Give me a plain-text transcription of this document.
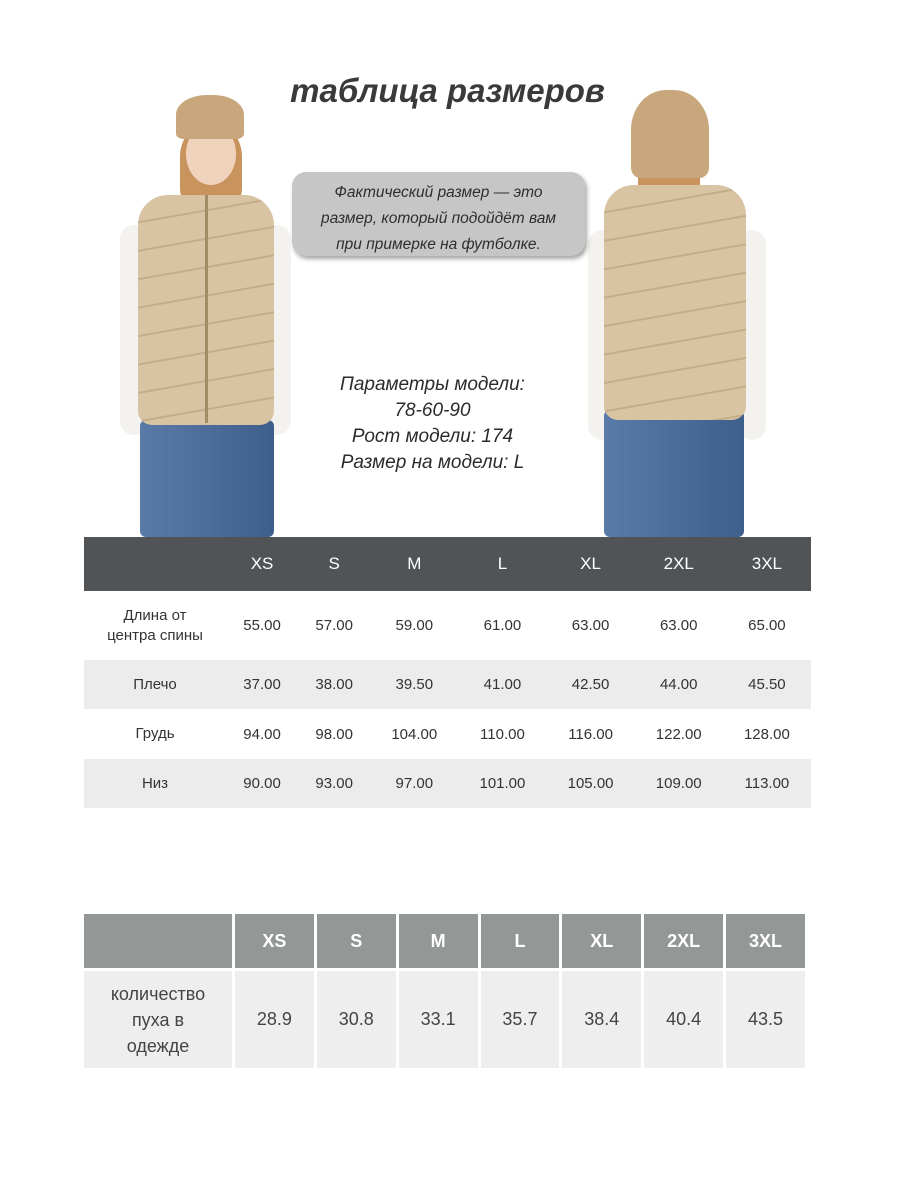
таблица размеров
Фактический размер — это
размер, который подойдёт вам
при примерке на футболке.
Параметры модели:
78-60-90
Рост модели: 174
Размер на модели: L
	XS	S	M	L	XL	2XL	3XL

Длина от
центра спины	55.00	57.00	59.00	61.00	63.00	63.00	65.00

Плечо	37.00	38.00	39.50	41.00	42.50	44.00	45.50

Грудь	94.00	98.00	104.00	110.00	116.00	122.00	128.00

Низ	90.00	93.00	97.00	101.00	105.00	109.00	113.00
	XS	S	M	L	XL	2XL	3XL

количество
пуха в
одежде	28.9	30.8	33.1	35.7	38.4	40.4	43.5
